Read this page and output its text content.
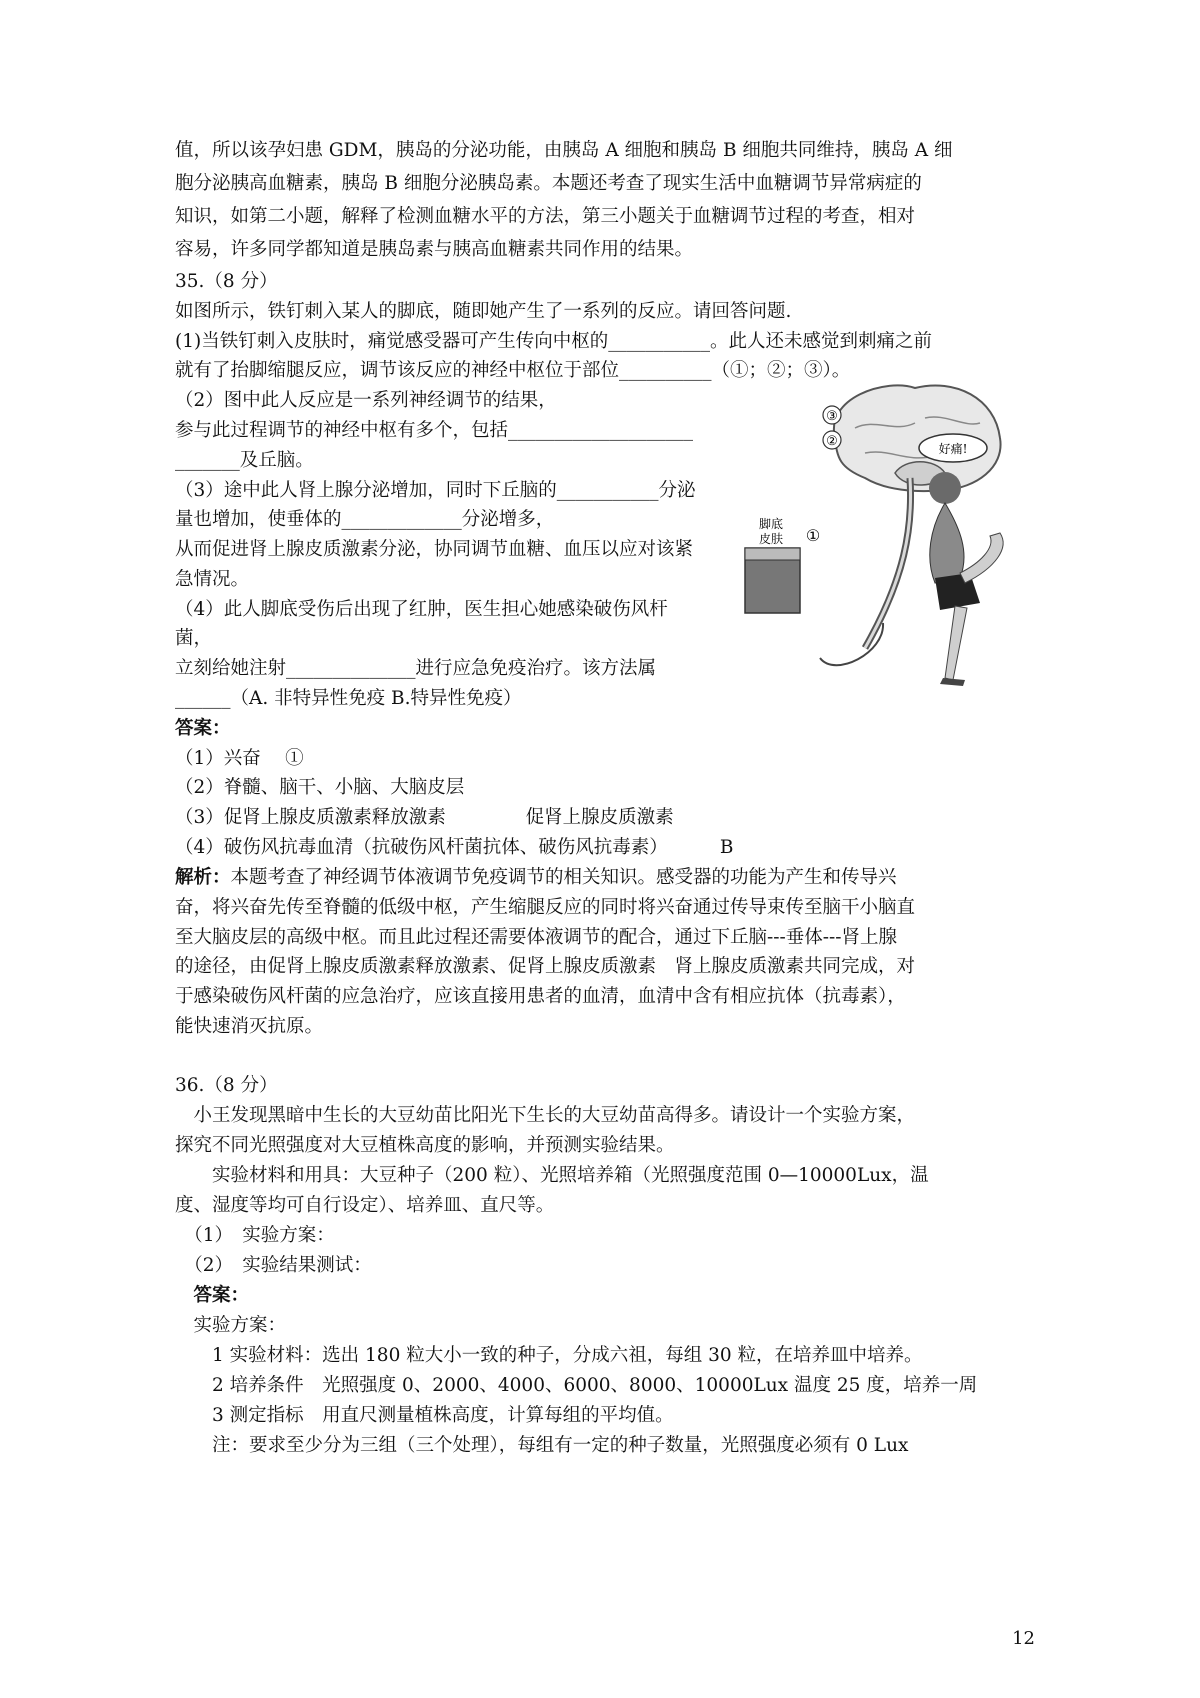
值，所以该孕妇患 GDM，胰岛的分泌功能，由胰岛 A 细胞和胰岛 B 细胞共同维持，胰岛 A 细
胞分泌胰高血糖素，胰岛 B 细胞分泌胰岛素。本题还考查了现实生活中血糖调节异常病症的
知识，如第二小题，解释了检测血糖水平的方法，第三小题关于血糖调节过程的考查，相对
容易，许多同学都知道是胰岛素与胰高血糖素共同作用的结果。
35.（8 分）
如图所示，铁钉刺入某人的脚底，随即她产生了一系列的反应。请回答问题.
(1)当铁钉刺入皮肤时，痛觉感受器可产生传向中枢的___________。此人还未感觉到刺痛之前
就有了抬脚缩腿反应，调节该反应的神经中枢位于部位__________（①；②；③）。
（2）图中此人反应是一系列神经调节的结果，
参与此过程调节的神经中枢有多个，包括____________________
_______及丘脑。
（3）途中此人肾上腺分泌增加，同时下丘脑的___________分泌
量也增加，使垂体的_____________分泌增多，
从而促进肾上腺皮质激素分泌，协同调节血糖、血压以应对该紧
急情况。
（4）此人脚底受伤后出现了红肿，医生担心她感染破伤风杆
菌，
立刻给她注射______________进行应急免疫治疗。该方法属
______（A. 非特异性免疫 B.特异性免疫）
答案：
（1）兴奋　 ①
（2）脊髓、脑干、小脑、大脑皮层
（3）促肾上腺皮质激素释放激素　　　　 促肾上腺皮质激素
（4）破伤风抗毒血清（抗破伤风杆菌抗体、破伤风抗毒素）　　　 B
解析：本题考查了神经调节体液调节免疫调节的相关知识。感受器的功能为产生和传导兴
奋，将兴奋先传至脊髓的低级中枢，产生缩腿反应的同时将兴奋通过传导束传至脑干小脑直
至大脑皮层的高级中枢。而且此过程还需要体液调节的配合，通过下丘脑---垂体---肾上腺
的途径，由促肾上腺皮质激素释放激素、促肾上腺皮质激素　肾上腺皮质激素共同完成，对
于感染破伤风杆菌的应急治疗，应该直接用患者的血清，血清中含有相应抗体（抗毒素），
能快速消灭抗原。
36.（8 分）
　小王发现黑暗中生长的大豆幼苗比阳光下生长的大豆幼苗高得多。请设计一个实验方案，
探究不同光照强度对大豆植株高度的影响，并预测实验结果。
　　实验材料和用具：大豆种子（200 粒）、光照培养箱（光照强度范围 0—10000Lux，温
度、湿度等均可自行设定）、培养皿、直尺等。
　（1）　实验方案：
　（2）　实验结果测试：
　答案：
　实验方案：
　　1 实验材料：选出 180 粒大小一致的种子，分成六祖，每组 30 粒，在培养皿中培养。
　　2 培养条件　光照强度 0、2000、4000、6000、8000、10000Lux 温度 25 度，培养一周
　　3 测定指标　用直尺测量植株高度，计算每组的平均值。
　　注：要求至少分为三组（三个处理），每组有一定的种子数量，光照强度必须有 0 Lux
12
③
②
①
脚底
皮肤
好痛!
